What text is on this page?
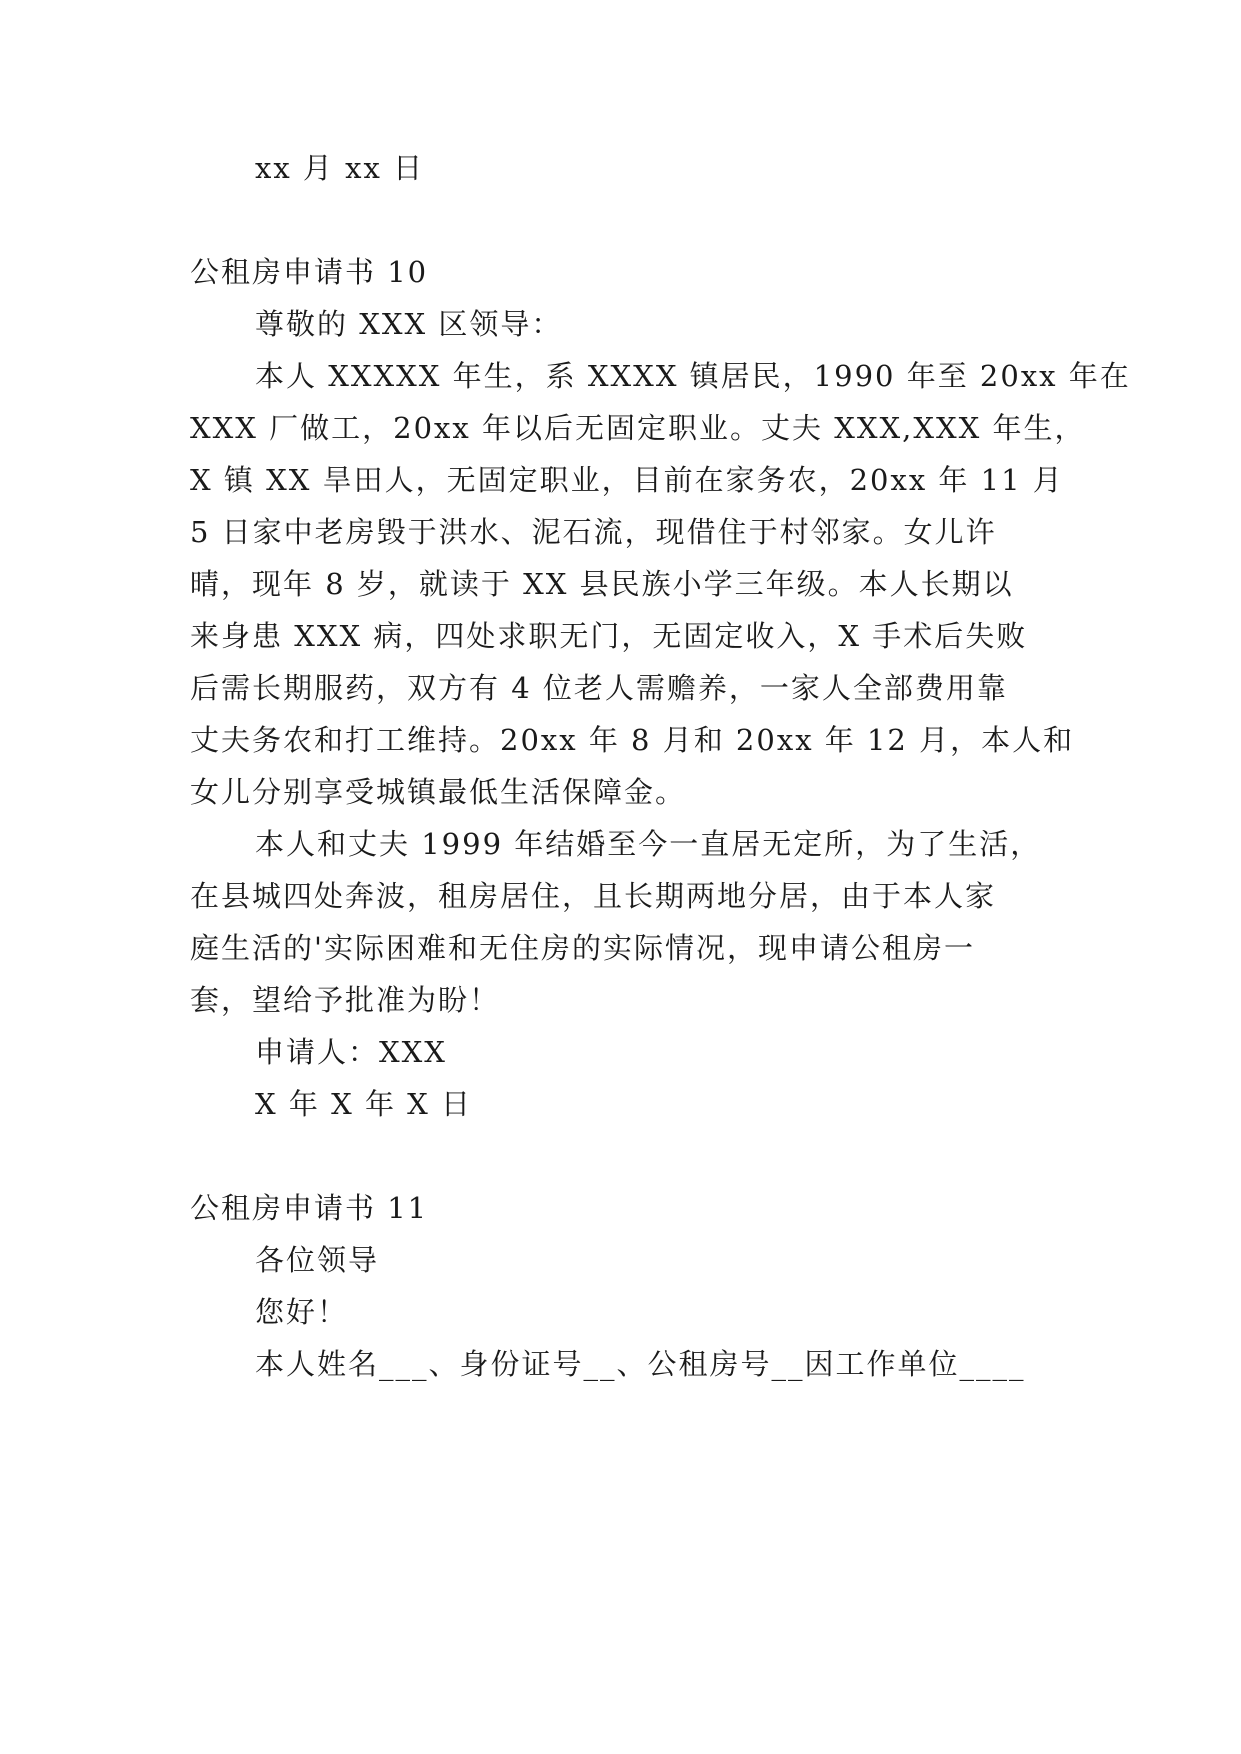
xx 月 xx 日
公租房申请书 10
尊敬的 XXX 区领导：
本人 XXXXX 年生，系 XXXX 镇居民，1990 年至 20xx 年在
XXX 厂做工，20xx 年以后无固定职业。丈夫 XXX,XXX 年生，
X 镇 XX 旱田人，无固定职业，目前在家务农，20xx 年 11 月
5 日家中老房毁于洪水、泥石流，现借住于村邻家。女儿许
晴，现年 8 岁，就读于 XX 县民族小学三年级。本人长期以
来身患 XXX 病，四处求职无门，无固定收入，X 手术后失败
后需长期服药，双方有 4 位老人需赡养，一家人全部费用靠
丈夫务农和打工维持。20xx 年 8 月和 20xx 年 12 月，本人和
女儿分别享受城镇最低生活保障金。
本人和丈夫 1999 年结婚至今一直居无定所，为了生活，
在县城四处奔波，租房居住，且长期两地分居，由于本人家
庭生活的'实际困难和无住房的实际情况，现申请公租房一
套，望给予批准为盼！
申请人：XXX
X 年 X 年 X 日
公租房申请书 11
各位领导
您好！
本人姓名___、身份证号__、公租房号__因工作单位____
